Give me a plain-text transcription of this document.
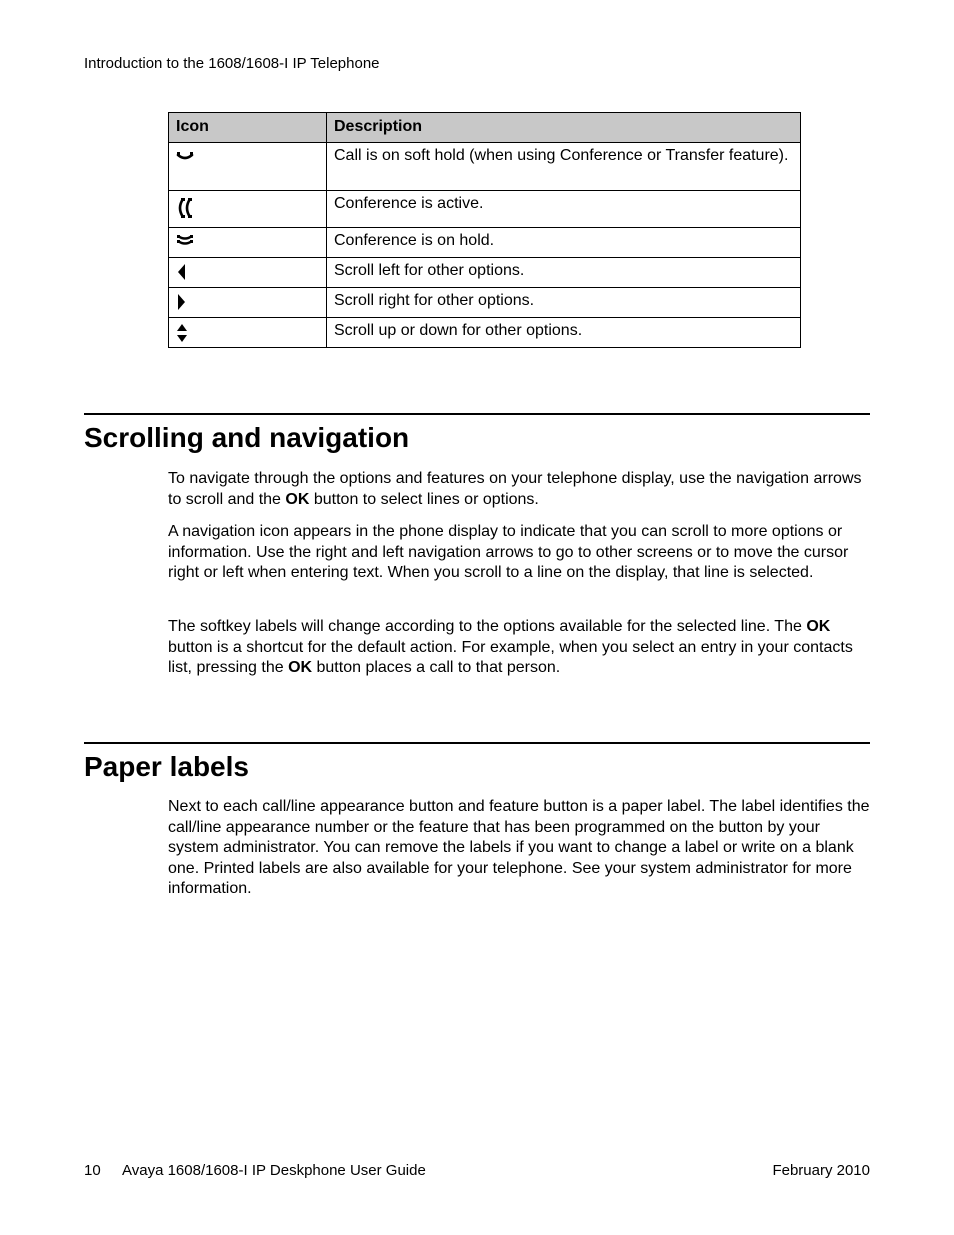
Introduction to the 1608/1608-I IP Telephone
Icon	Description

	Call is on soft hold (when using Conference or Transfer feature).

	Conference is active.

	Conference is on hold.

	Scroll left for other options.

	Scroll right for other options.

	Scroll up or down for other options.
Scrolling and navigation

To navigate through the options and features on your telephone display, use the navigation arrows to scroll and the OK button to select lines or options.

A navigation icon appears in the phone display to indicate that you can scroll to more options or information. Use the right and left navigation arrows to go to other screens or to move the cursor right or left when entering text. When you scroll to a line on the display, that line is selected.

The softkey labels will change according to the options available for the selected line. The OK button is a shortcut for the default action. For example, when you select an entry in your contacts list, pressing the OK button places a call to that person.

Paper labels

Next to each call/line appearance button and feature button is a paper label. The label identifies the call/line appearance number or the feature that has been programmed on the button by your system administrator. You can remove the labels if you want to change a label or write on a blank one. Printed labels are also available for your telephone. See your system administrator for more information.

10 Avaya 1608/1608-I IP Deskphone User Guide	February 2010
